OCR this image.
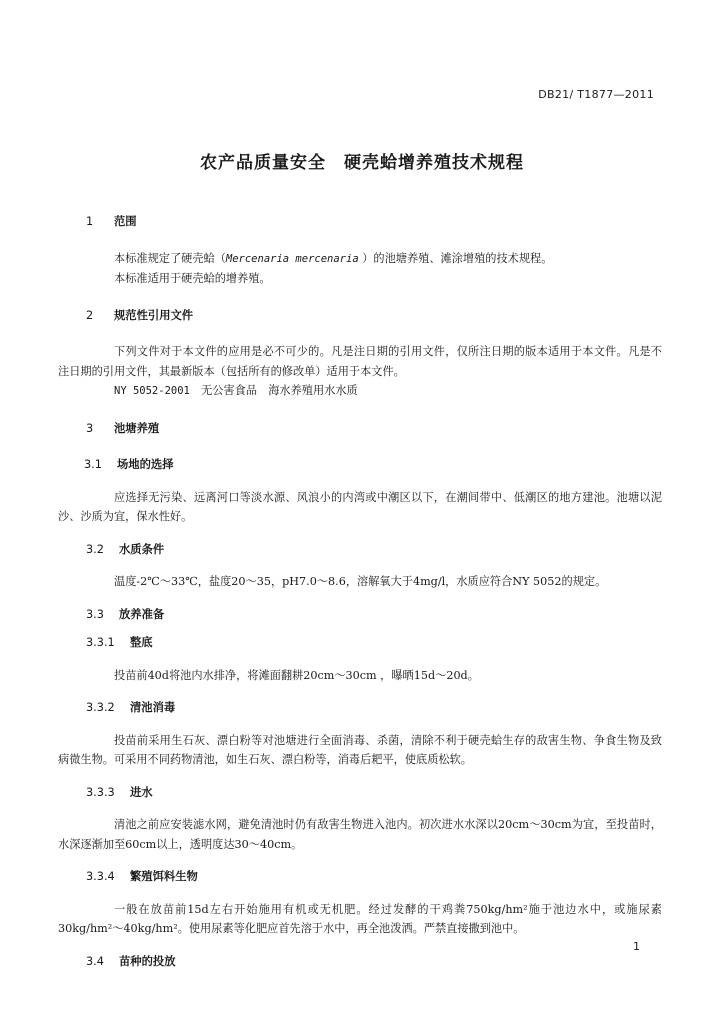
DB21/ T1877—2011
农产品质量安全　硬壳蛤增养殖技术规程
1 范围

本标准规定了硬壳蛤（Mercenaria mercenaria ）的池塘养殖、滩涂增殖的技术规程。

本标准适用于硬壳蛤的增养殖。

2 规范性引用文件

下列文件对于本文件的应用是必不可少的。凡是注日期的引用文件，仅所注日期的版本适用于本文件。凡是不注日期的引用文件，其最新版本（包括所有的修改单）适用于本文件。

NY 5052-2001　 无公害食品　海水养殖用水水质

3 池塘养殖
3.1 场地的选择

应选择无污染、远离河口等淡水源、风浪小的内湾或中潮区以下，在潮间带中、低潮区的地方建池。池塘以泥沙、沙质为宜，保水性好。

3.2 水质条件

温度-2℃～33℃，盐度20～35，pH7.0～8.6，溶解氧大于4mg/l，水质应符合NY 5052的规定。

3.3 放养准备
3.3.1 整底

投苗前40d将池内水排净，将滩面翻耕20cm～30cm ，曝晒15d～20d。

3.3.2 清池消毒

投苗前采用生石灰、漂白粉等对池塘进行全面消毒、杀菌，清除不利于硬壳蛤生存的敌害生物、争食生物及致病微生物。可采用不同药物清池，如生石灰、漂白粉等，消毒后耙平，使底质松软。

3.3.3 进水

清池之前应安装滤水网，避免清池时仍有敌害生物进入池内。初次进水水深以20cm～30cm为宜，至投苗时，水深逐渐加至60cm以上，透明度达30～40cm。

3.3.4 繁殖饵料生物

一般在放苗前15d左右开始施用有机或无机肥。经过发酵的干鸡粪750kg/hm²施于池边水中，或施尿素30kg/hm²～40kg/hm²。使用尿素等化肥应首先溶于水中，再全池泼洒。严禁直接撒到池中。

3.4 苗种的投放
1
